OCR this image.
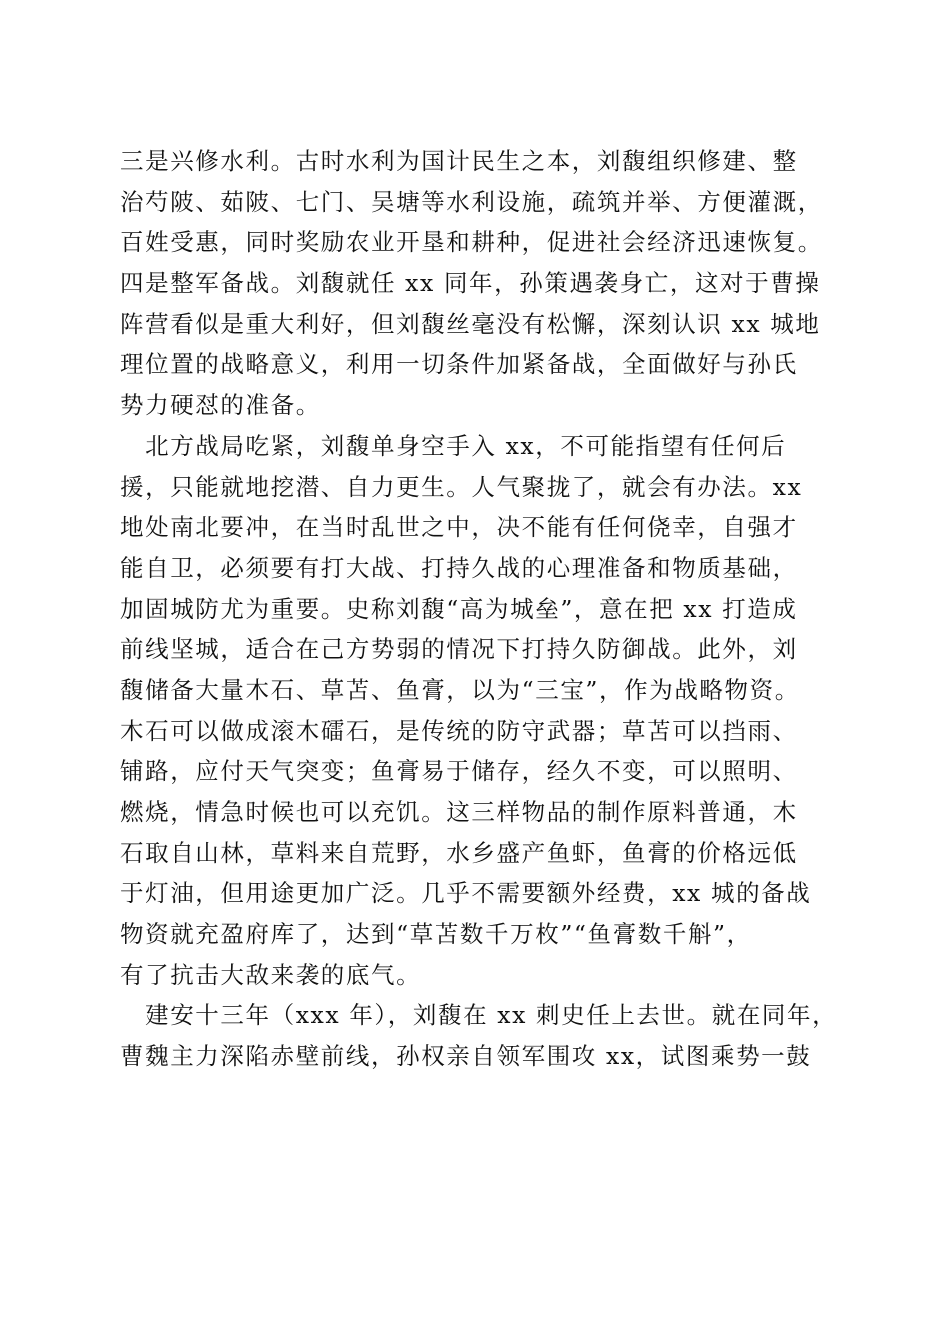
三是兴修水利。古时水利为国计民生之本，刘馥组织修建、整
治芍陂、茹陂、七门、吴塘等水利设施，疏筑并举、方便灌溉，
百姓受惠，同时奖励农业开垦和耕种，促进社会经济迅速恢复。
四是整军备战。刘馥就任 xx 同年，孙策遇袭身亡，这对于曹操
阵营看似是重大利好，但刘馥丝毫没有松懈，深刻认识 xx 城地
理位置的战略意义，利用一切条件加紧备战，全面做好与孙氏
势力硬怼的准备。
　北方战局吃紧，刘馥单身空手入 xx，不可能指望有任何后
援，只能就地挖潜、自力更生。人气聚拢了，就会有办法。xx
地处南北要冲，在当时乱世之中，决不能有任何侥幸，自强才
能自卫，必须要有打大战、打持久战的心理准备和物质基础，
加固城防尤为重要。史称刘馥“高为城垒”，意在把 xx 打造成
前线坚城，适合在己方势弱的情况下打持久防御战。此外，刘
馥储备大量木石、草苫、鱼膏，以为“三宝”，作为战略物资。
木石可以做成滚木礌石，是传统的防守武器；草苫可以挡雨、
铺路，应付天气突变；鱼膏易于储存，经久不变，可以照明、
燃烧，情急时候也可以充饥。这三样物品的制作原料普通，木
石取自山林，草料来自荒野，水乡盛产鱼虾，鱼膏的价格远低
于灯油，但用途更加广泛。几乎不需要额外经费，xx 城的备战
物资就充盈府库了，达到“草苫数千万枚”“鱼膏数千斛”，
有了抗击大敌来袭的底气。
　建安十三年（xxx 年），刘馥在 xx 刺史任上去世。就在同年，
曹魏主力深陷赤壁前线，孙权亲自领军围攻 xx，试图乘势一鼓
